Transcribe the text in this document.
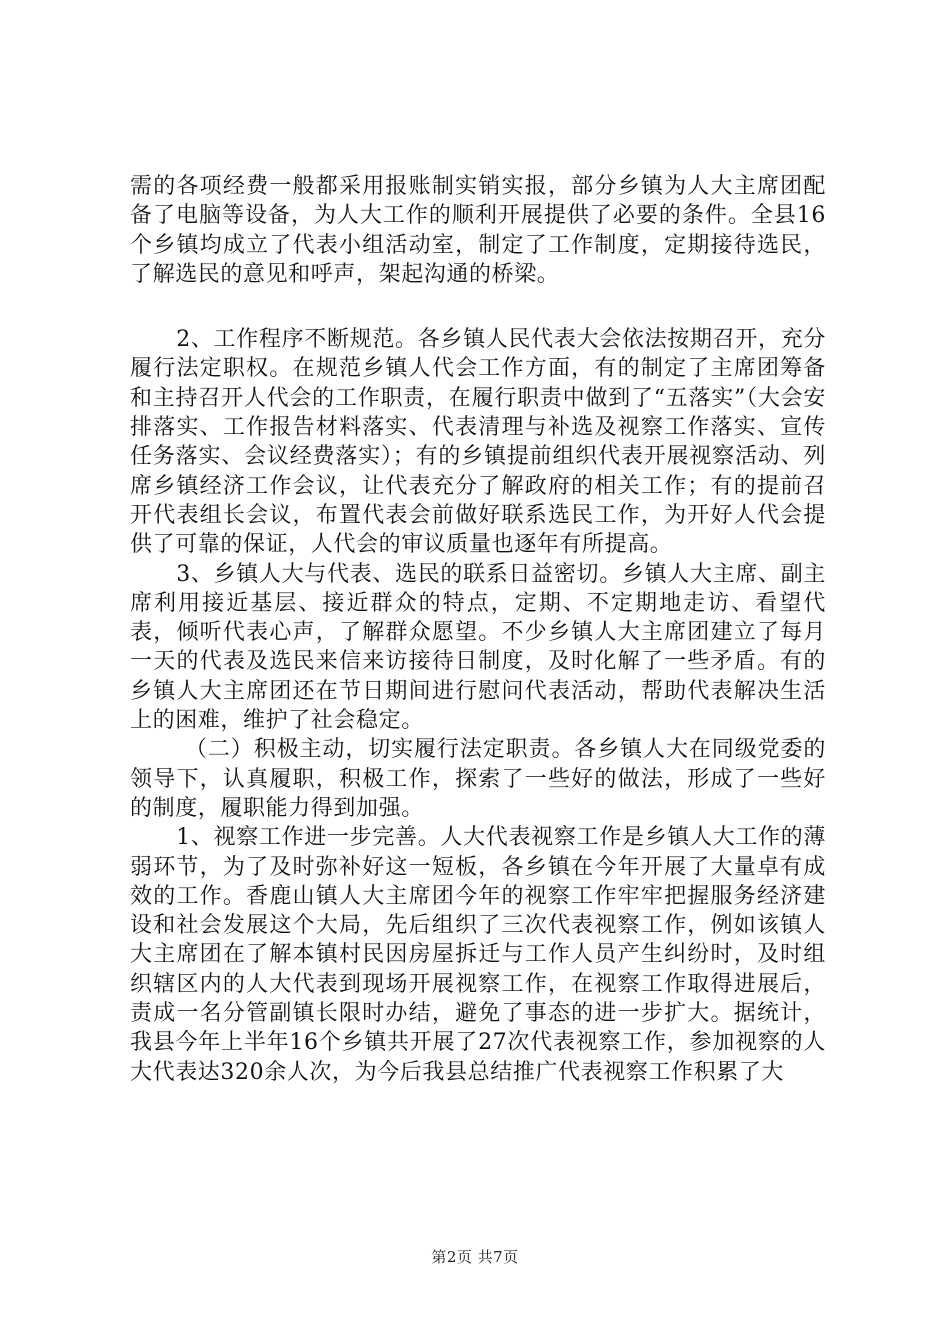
需的各项经费一般都采用报账制实销实报，部分乡镇为人大主席团配备了电脑等设备，为人大工作的顺利开展提供了必要的条件。全县16个乡镇均成立了代表小组活动室，制定了工作制度，定期接待选民，了解选民的意见和呼声，架起沟通的桥梁。

2、工作程序不断规范。各乡镇人民代表大会依法按期召开，充分履行法定职权。在规范乡镇人代会工作方面，有的制定了主席团筹备和主持召开人代会的工作职责，在履行职责中做到了“五落实”（大会安排落实、工作报告材料落实、代表清理与补选及视察工作落实、宣传任务落实、会议经费落实）；有的乡镇提前组织代表开展视察活动、列席乡镇经济工作会议，让代表充分了解政府的相关工作；有的提前召开代表组长会议，布置代表会前做好联系选民工作，为开好人代会提供了可靠的保证，人代会的审议质量也逐年有所提高。

3、乡镇人大与代表、选民的联系日益密切。乡镇人大主席、副主席利用接近基层、接近群众的特点，定期、不定期地走访、看望代表，倾听代表心声，了解群众愿望。不少乡镇人大主席团建立了每月一天的代表及选民来信来访接待日制度，及时化解了一些矛盾。有的乡镇人大主席团还在节日期间进行慰问代表活动，帮助代表解决生活上的困难，维护了社会稳定。

（二）积极主动，切实履行法定职责。各乡镇人大在同级党委的领导下，认真履职，积极工作，探索了一些好的做法，形成了一些好的制度，履职能力得到加强。

1、视察工作进一步完善。人大代表视察工作是乡镇人大工作的薄弱环节，为了及时弥补好这一短板，各乡镇在今年开展了大量卓有成效的工作。香鹿山镇人大主席团今年的视察工作牢牢把握服务经济建设和社会发展这个大局，先后组织了三次代表视察工作，例如该镇人大主席团在了解本镇村民因房屋拆迁与工作人员产生纠纷时，及时组织辖区内的人大代表到现场开展视察工作，在视察工作取得进展后，责成一名分管副镇长限时办结，避免了事态的进一步扩大。据统计，我县今年上半年16个乡镇共开展了27次代表视察工作，参加视察的人大代表达320余人次，为今后我县总结推广代表视察工作积累了大

第2页 共7页
